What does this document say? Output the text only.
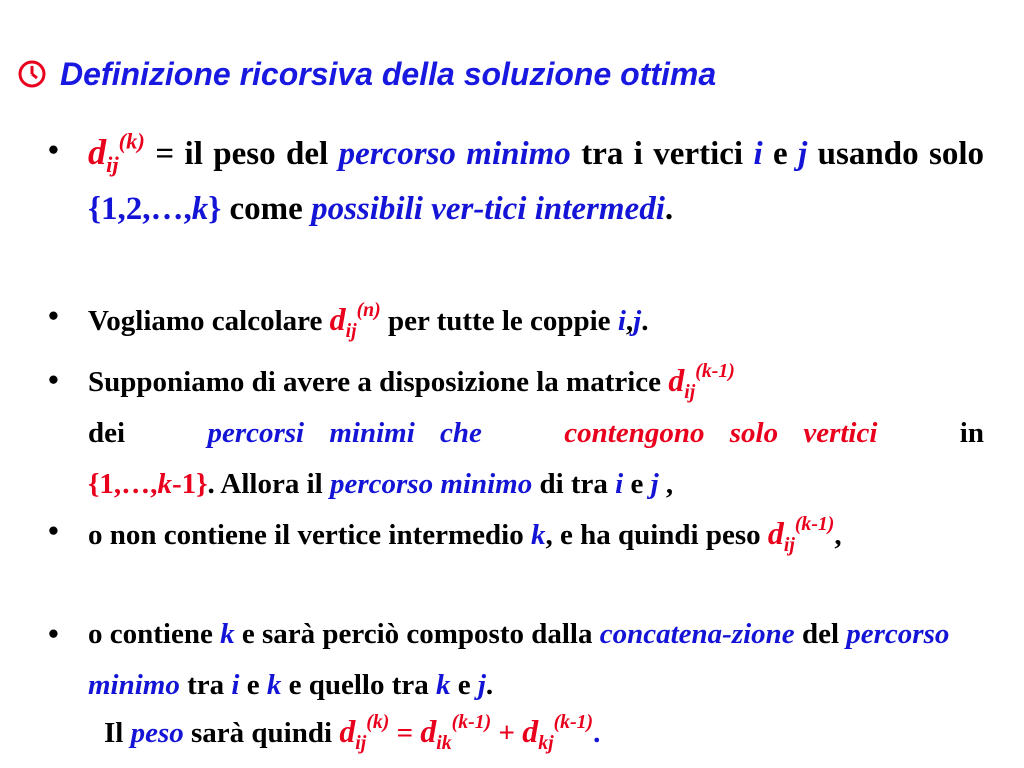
Definizione ricorsiva della soluzione ottima
• $d_{ij}^{(k)}$ = il peso del percorso minimo tra i vertici i e j usando solo {1,2,…,k} come possibili ver-tici intermedi.
• Vogliamo calcolare $d_{ij}^{(n)}$ per tutte le coppie i,j.
• Supponiamo di avere a disposizione la matrice $d_{ij}^{(k-1)}$
dei	percorsi minimi che	contengono solo vertici	in
{1,…,k-1}. Allora il percorso minimo di tra i e j ,
• o non contiene il vertice intermedio k, e ha quindi peso $d_{ij}^{(k-1)}$,
• o contiene k e sarà perciò composto dalla concatena-zione del percorso minimo tra i e k e quello tra k e j.
Il peso sarà quindi $d_{ij}^{(k)} = d_{ik}^{(k-1)} + d_{kj}^{(k-1)}$.
